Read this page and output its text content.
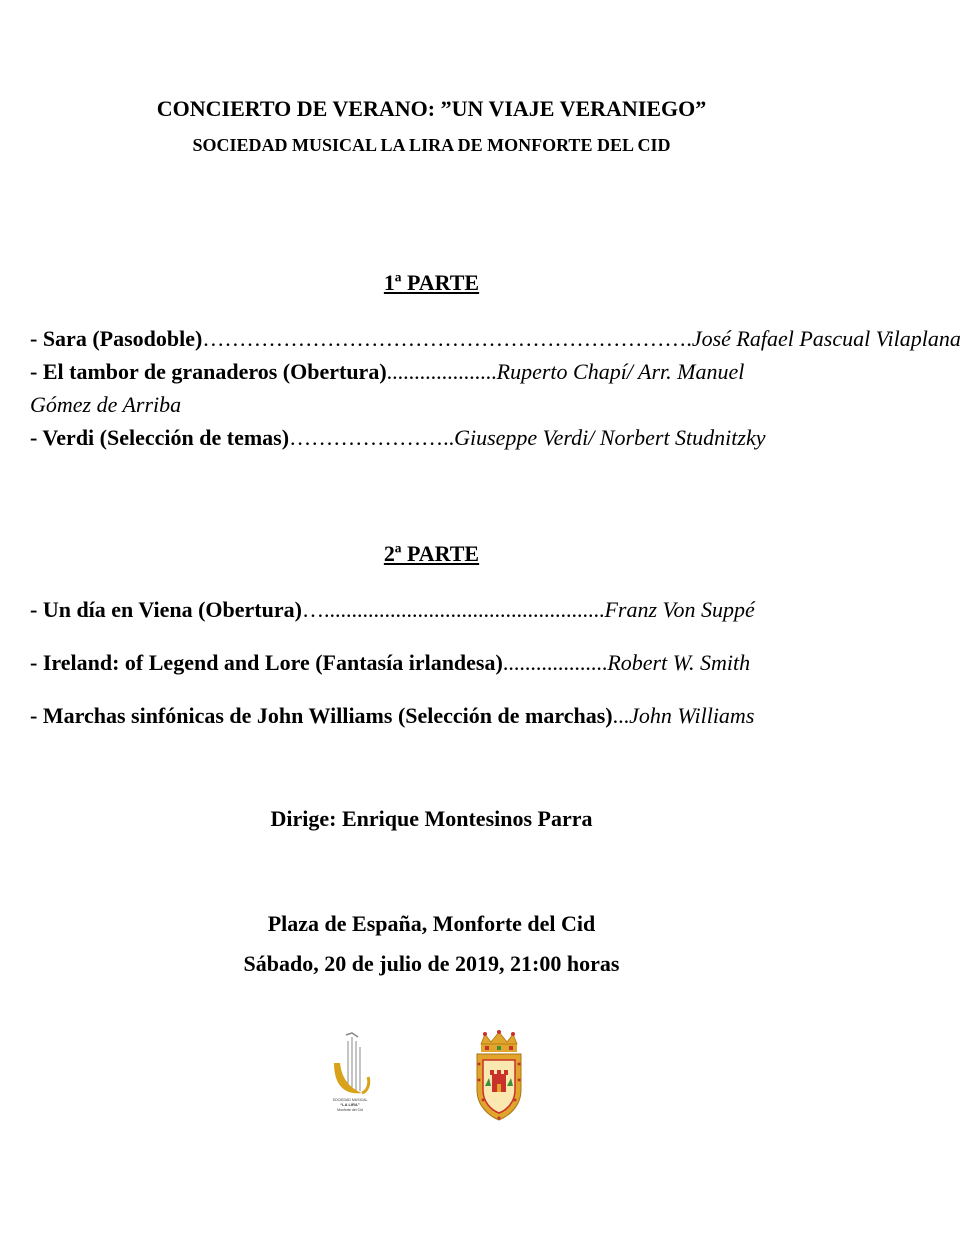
CONCIERTO DE VERANO: ”UN VIAJE VERANIEGO”
SOCIEDAD MUSICAL LA LIRA DE MONFORTE DEL CID
1ª PARTE
- Sara (Pasodoble)………………………………………………………….José Rafael Pascual Vilaplana
- El tambor de granaderos (Obertura)....................Ruperto Chapí/ Arr. Manuel
Gómez de Arriba
- Verdi (Selección de temas)…………………..Giuseppe Verdi/ Norbert Studnitzky
2ª PARTE
- Un día en Viena (Obertura)…...................................................Franz Von Suppé
- Ireland: of Legend and Lore (Fantasía irlandesa)...................Robert W. Smith
- Marchas sinfónicas de John Williams (Selección de marchas)...John Williams
Dirige: Enrique Montesinos Parra
Plaza de España, Monforte del Cid
Sábado, 20 de julio de 2019, 21:00 horas
SOCIEDAD MUSICAL
“LA LIRA”
Monforte del Cid
